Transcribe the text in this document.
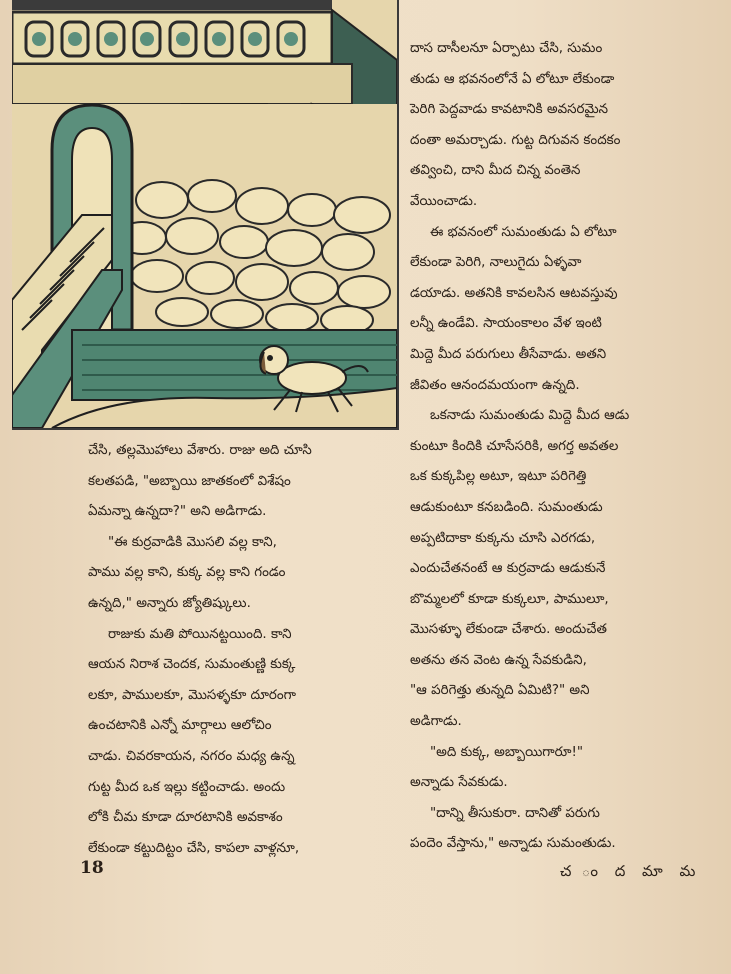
చేసి, తల్లమొహాలు వేశారు. రాజు అది చూసి

కలతపడి, "అబ్బాయి జాతకంలో విశేషం

ఏమన్నా ఉన్నదా?" అని అడిగాడు.

"ఈ కుర్రవాడికి మొసలి వల్ల కాని,

పాము వల్ల కాని, కుక్క వల్ల కాని గండం

ఉన్నది," అన్నారు జ్యోతిష్కులు.

రాజుకు మతి పోయినట్టయింది. కాని

ఆయన నిరాశ చెందక, సుమంతుణ్ణి కుక్క

లకూ, పాములకూ, మొసళ్ళకూ దూరంగా

ఉంచటానికి ఎన్నో మార్గాలు ఆలోచిం

చాడు. చివరకాయన, నగరం మధ్య ఉన్న

గుట్ట మీద ఒక ఇల్లు కట్టించాడు. అందు

లోకి చీమ కూడా దూరటానికి అవకాశం

లేకుండా కట్టుదిట్టం చేసి, కాపలా వాళ్లనూ,

దాస దాసీలనూ ఏర్పాటు చేసి, సుమం

తుడు ఆ భవనంలోనే ఏ లోటూ లేకుండా

పెరిగి పెద్దవాడు కావటానికి అవసరమైన

దంతా అమర్చాడు. గుట్ట దిగువన కందకం

తవ్వించి, దాని మీద చిన్న వంతెన

వేయించాడు.

ఈ భవనంలో సుమంతుడు ఏ లోటూ

లేకుండా పెరిగి, నాలుగైదు ఏళ్ళవా

డయాడు. అతనికి కావలసిన ఆటవస్తువు

లన్నీ ఉండేవి. సాయంకాలం వేళ ఇంటి

మిద్దె మీద పరుగులు తీసేవాడు. అతని

జీవితం ఆనందమయంగా ఉన్నది.

ఒకనాడు సుమంతుడు మిద్దె మీద ఆడు

కుంటూ కిందికి చూసేసరికి, అగర్త అవతల

ఒక కుక్కపిల్ల అటూ, ఇటూ పరిగెత్తి

ఆడుకుంటూ కనబడింది. సుమంతుడు

అప్పటిదాకా కుక్కను చూసి ఎరగడు,

ఎందుచేతనంటే ఆ కుర్రవాడు ఆడుకునే

బొమ్మలలో కూడా కుక్కలూ, పాములూ,

మొసళ్ళూ లేకుండా చేశారు. అందుచేత

అతను తన వెంట ఉన్న సేవకుడిని,

"ఆ పరిగెత్తు తున్నది ఏమిటి?" అని

అడిగాడు.

"అది కుక్క, అబ్బాయిగారూ!"

అన్నాడు సేవకుడు.

"దాన్ని తీసుకురా. దానితో పరుగు

పందెం వేస్తాను," అన్నాడు సుమంతుడు.

18	చ ం ద మా మ
